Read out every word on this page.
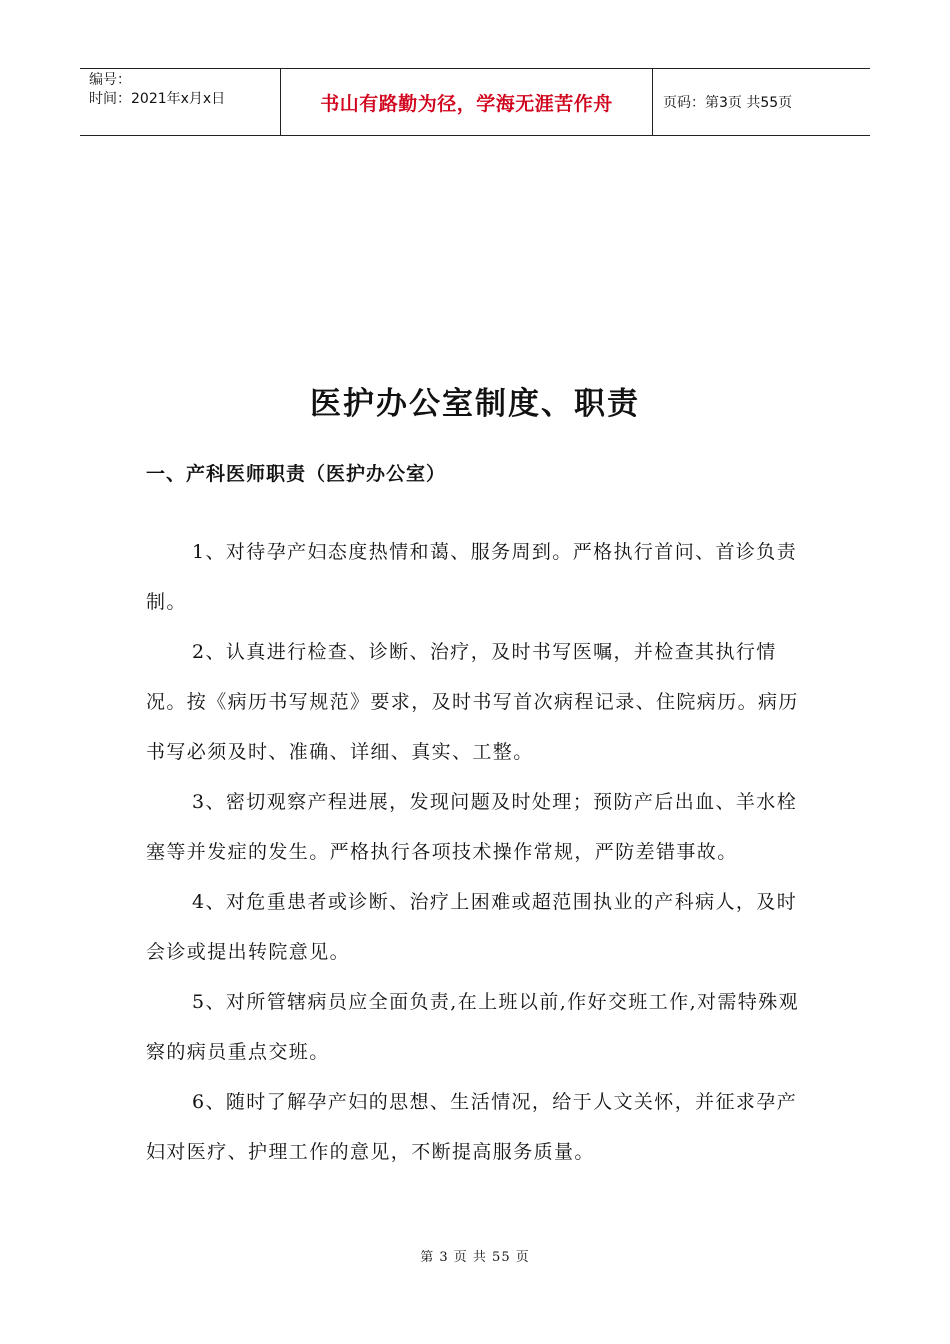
编号：
时间：2021年x月x日	书山有路勤为径，学海无涯苦作舟	页码：第3页 共55页
医护办公室制度、职责
一、产科医师职责（医护办公室）

1、对待孕产妇态度热情和蔼、服务周到。严格执行首问、首诊负责制。

2、认真进行检查、诊断、治疗，及时书写医嘱，并检查其执行情况。按《病历书写规范》要求，及时书写首次病程记录、住院病历。病历书写必须及时、准确、详细、真实、工整。

3、密切观察产程进展，发现问题及时处理；预防产后出血、羊水栓塞等并发症的发生。严格执行各项技术操作常规，严防差错事故。

4、对危重患者或诊断、治疗上困难或超范围执业的产科病人，及时会诊或提出转院意见。

5、对所管辖病员应全面负责,在上班以前,作好交班工作,对需特殊观察的病员重点交班。

6、随时了解孕产妇的思想、生活情况，给于人文关怀，并征求孕产妇对医疗、护理工作的意见，不断提高服务质量。

第 3 页 共 55 页
